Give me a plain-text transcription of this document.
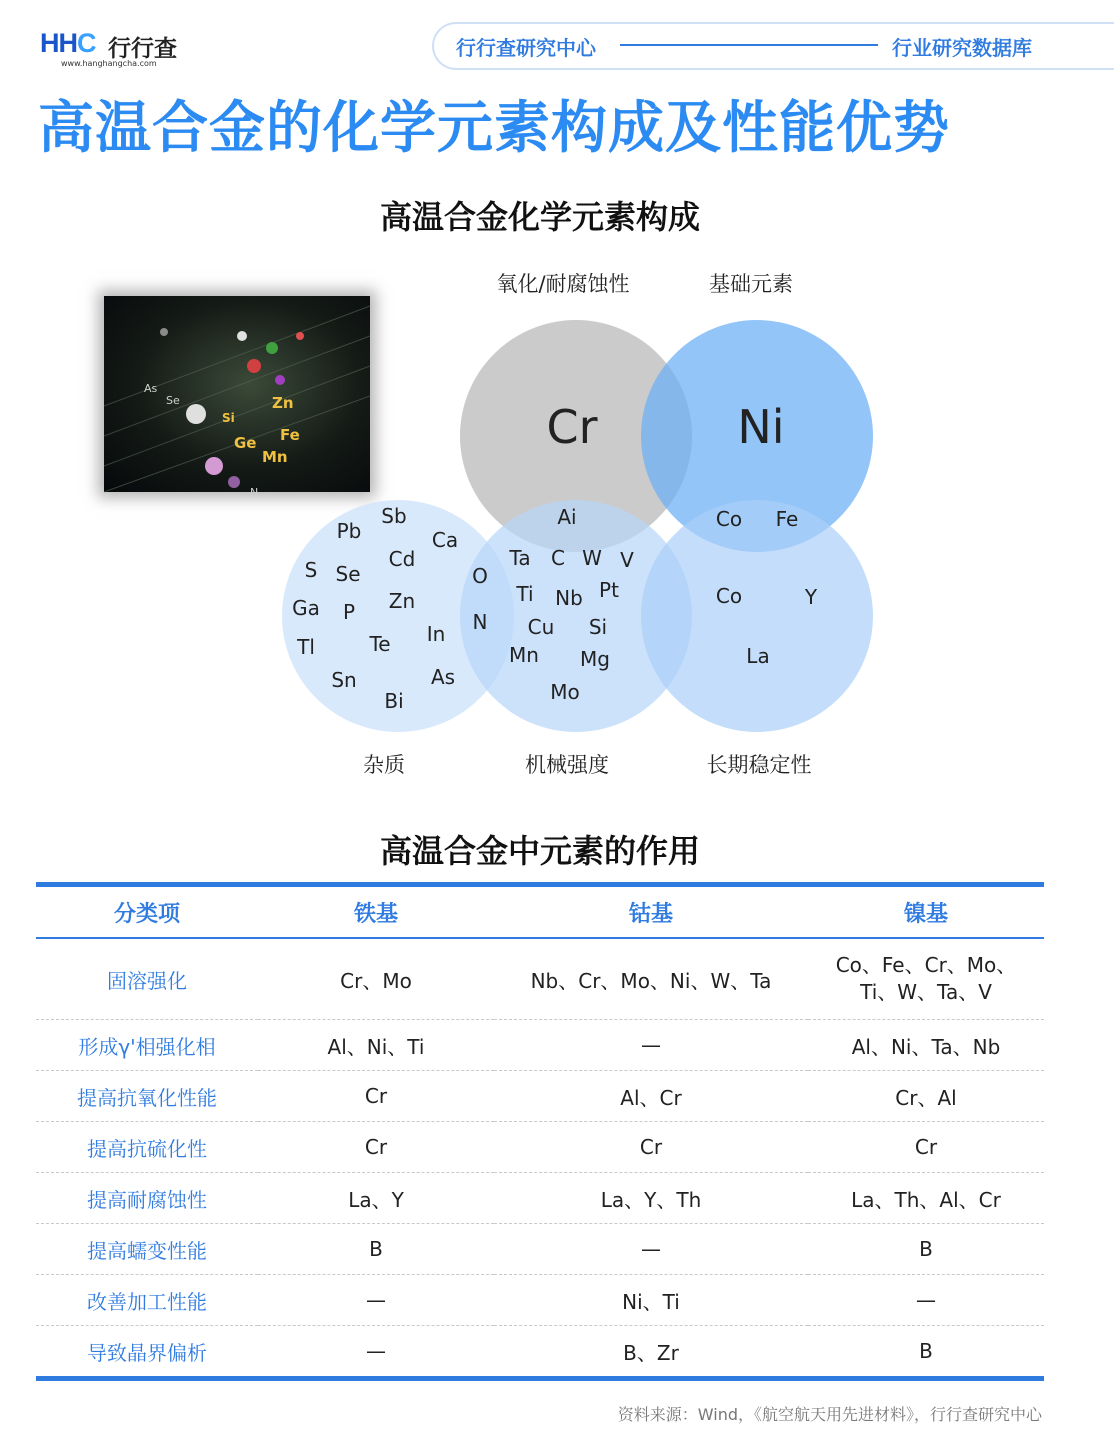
HHC 行行查
www.hanghangcha.com
行行查研究中心	行业研究数据库
高温合金的化学元素构成及性能优势
高温合金化学元素构成
Zn
Ge
Mn
Fe
Si
As
Se
N
氧化/耐腐蚀性	基础元素
杂质	机械强度	长期稳定性
Cr	Ni
Sb
Pb	Ca
Cd
S Se
Ga P Zn
Tl	Te In
Sn	As
Bi
O
N
Ai
Ta C W V
Ti Nb Pt
Cu Si
Mn Mg
Mo
Co Fe
Co	Y
La
高温合金中元素的作用
分类项	铁基	钴基	镍基
固溶强化	Cr、Mo	Nb、Cr、Mo、Ni、W、Ta	Co、Fe、Cr、Mo、
Ti、W、Ta、V

形成γ'相强化相	Al、Ni、Ti	—	Al、Ni、Ta、Nb
提高抗氧化性能	Cr	Al、Cr	Cr、Al
提高抗硫化性	Cr	Cr	Cr
提高耐腐蚀性	La、Y	La、Y、Th	La、Th、Al、Cr
提高蠕变性能	B	—	B
改善加工性能	—	Ni、Ti	—
导致晶界偏析	—	B、Zr	B
资料来源：Wind，《航空航天用先进材料》，行行查研究中心
